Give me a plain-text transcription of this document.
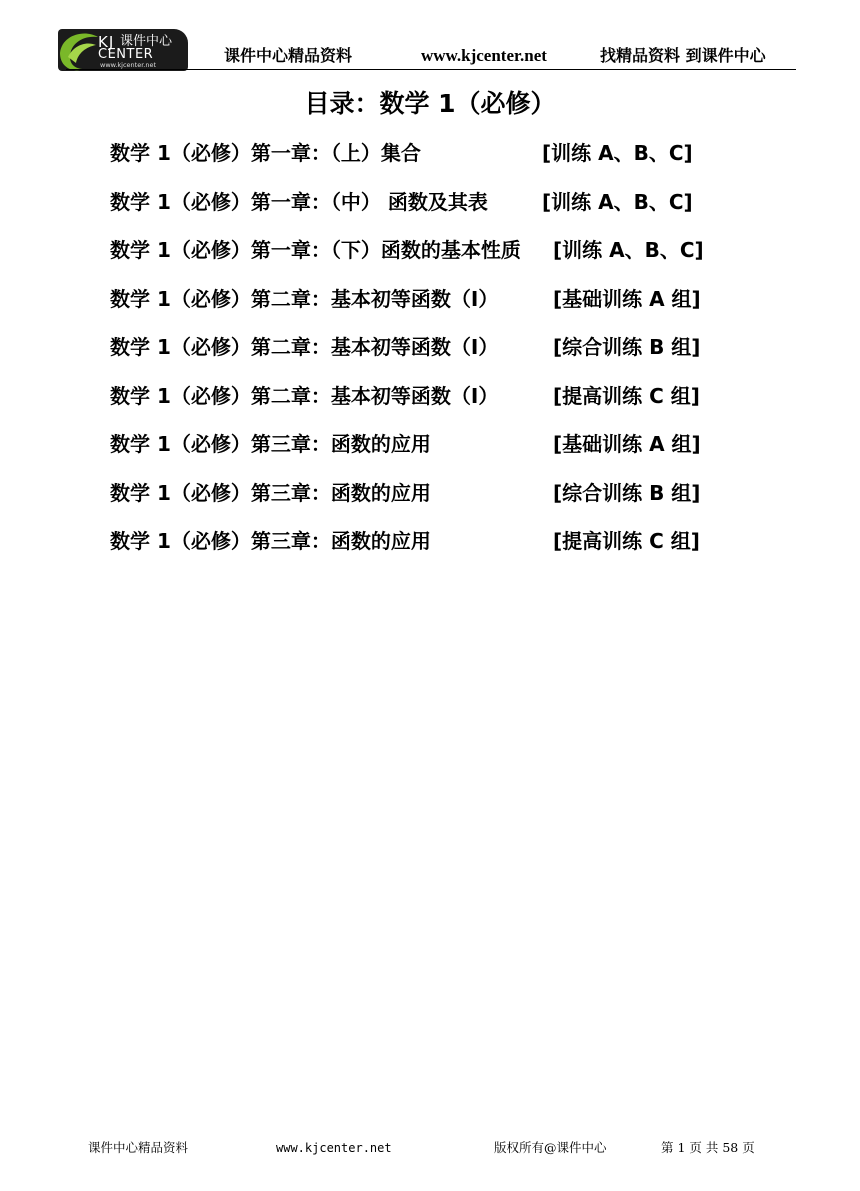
KJ 课件中心
CENTER
www.kjcenter.net	课件中心精品资料	www.kjcenter.net	找精品资料 到课件中心
目录：数学 1（必修）
数学 1（必修）第一章：（上）集合	[训练 A、B、C]
数学 1（必修）第一章：（中） 函数及其表	[训练 A、B、C]
数学 1（必修）第一章：（下）函数的基本性质 [训练 A、B、C]
数学 1（必修）第二章：基本初等函数（I）	[基础训练 A 组]
数学 1（必修）第二章：基本初等函数（I）	[综合训练 B 组]
数学 1（必修）第二章：基本初等函数（I）	[提高训练 C 组]
数学 1（必修）第三章：函数的应用	[基础训练 A 组]
数学 1（必修）第三章：函数的应用	[综合训练 B 组]
数学 1（必修）第三章：函数的应用	[提高训练 C 组]
课件中心精品资料	www.kjcenter.net	版权所有@课件中心	第 1 页 共 58 页
